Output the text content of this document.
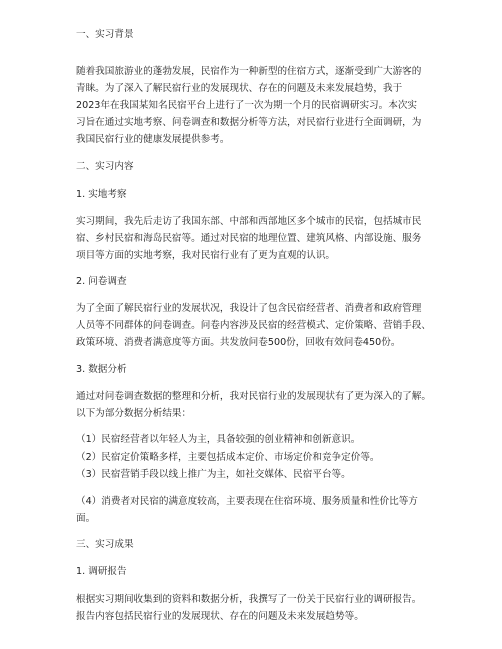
一、实习背景

随着我国旅游业的蓬勃发展，民宿作为一种新型的住宿方式，逐渐受到广大游客的

青睐。为了深入了解民宿行业的发展现状、存在的问题及未来发展趋势，我于

2023年在我国某知名民宿平台上进行了一次为期一个月的民宿调研实习。本次实

习旨在通过实地考察、问卷调查和数据分析等方法，对民宿行业进行全面调研，为

我国民宿行业的健康发展提供参考。

二、实习内容

1. 实地考察

实习期间，我先后走访了我国东部、中部和西部地区多个城市的民宿，包括城市民

宿、乡村民宿和海岛民宿等。通过对民宿的地理位置、建筑风格、内部设施、服务

项目等方面的实地考察，我对民宿行业有了更为直观的认识。

2. 问卷调查

为了全面了解民宿行业的发展状况，我设计了包含民宿经营者、消费者和政府管理

人员等不同群体的问卷调查。问卷内容涉及民宿的经营模式、定价策略、营销手段、

政策环境、消费者满意度等方面。共发放问卷500份，回收有效问卷450份。

3. 数据分析

通过对问卷调查数据的整理和分析，我对民宿行业的发展现状有了更为深入的了解。

以下为部分数据分析结果：

（1）民宿经营者以年轻人为主，具备较强的创业精神和创新意识。

（2）民宿定价策略多样，主要包括成本定价、市场定价和竞争定价等。

（3）民宿营销手段以线上推广为主，如社交媒体、民宿平台等。

（4）消费者对民宿的满意度较高，主要表现在住宿环境、服务质量和性价比等方

面。

三、实习成果

1. 调研报告

根据实习期间收集到的资料和数据分析，我撰写了一份关于民宿行业的调研报告。

报告内容包括民宿行业的发展现状、存在的问题及未来发展趋势等。
